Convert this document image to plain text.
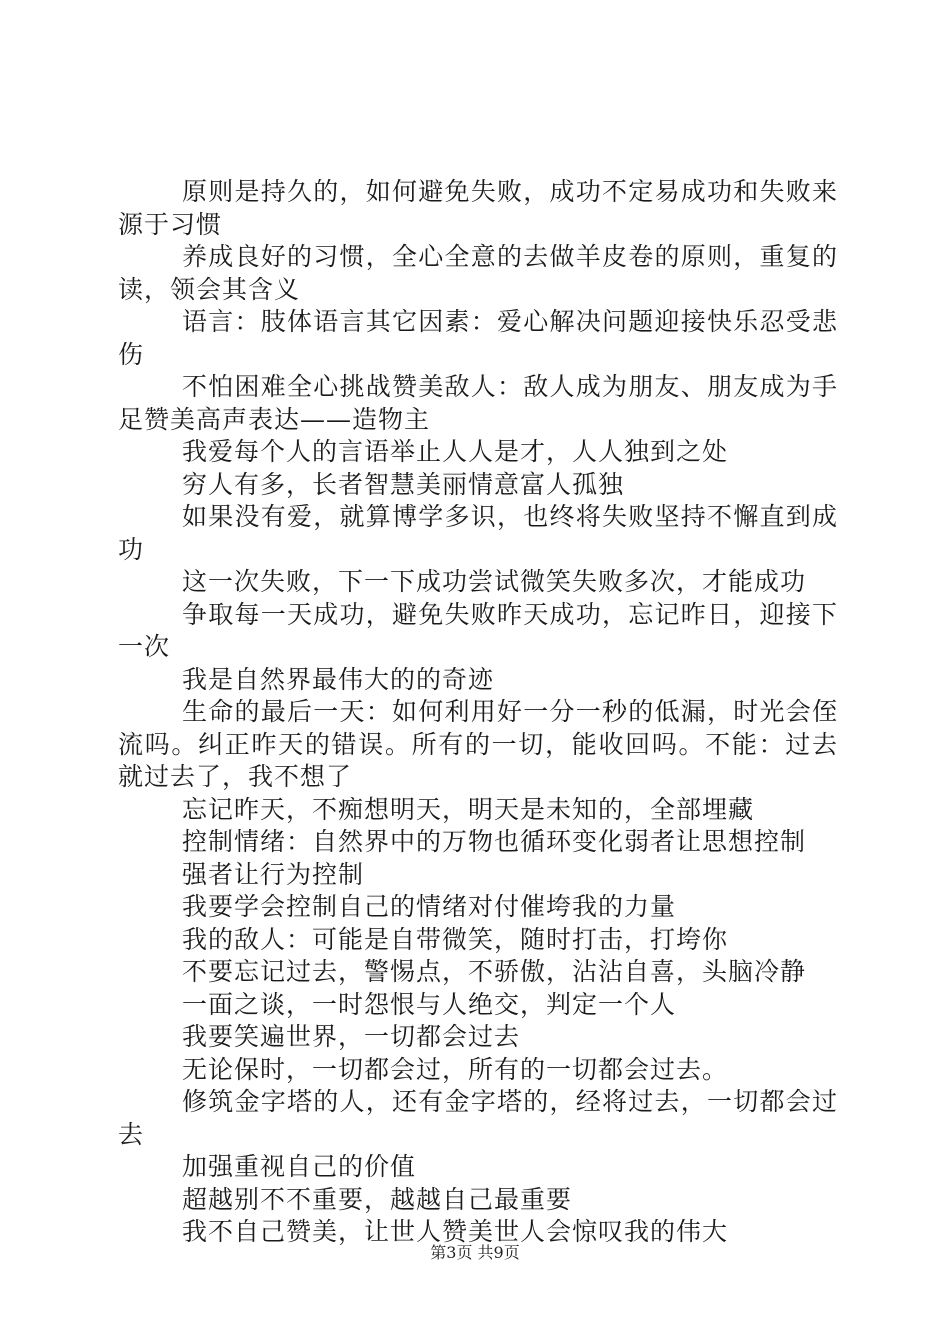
原则是持久的，如何避免失败，成功不定易成功和失败来源于习惯

养成良好的习惯，全心全意的去做羊皮卷的原则，重复的读，领会其含义

语言：肢体语言其它因素：爱心解决问题迎接快乐忍受悲伤

不怕困难全心挑战赞美敌人：敌人成为朋友、朋友成为手足赞美高声表达——造物主

我爱每个人的言语举止人人是才，人人独到之处

穷人有多，长者智慧美丽情意富人孤独

如果没有爱，就算博学多识，也终将失败坚持不懈直到成功

这一次失败，下一下成功尝试微笑失败多次，才能成功

争取每一天成功，避免失败昨天成功，忘记昨日，迎接下一次

我是自然界最伟大的的奇迹

生命的最后一天：如何利用好一分一秒的低漏，时光会侄流吗。纠正昨天的错误。所有的一切，能收回吗。不能：过去就过去了，我不想了

忘记昨天，不痴想明天，明天是未知的，全部埋藏

控制情绪：自然界中的万物也循环变化弱者让思想控制

强者让行为控制

我要学会控制自己的情绪对付催垮我的力量

我的敌人：可能是自带微笑，随时打击，打垮你

不要忘记过去，警惕点，不骄傲，沾沾自喜，头脑冷静

一面之谈，一时怨恨与人绝交，判定一个人

我要笑遍世界，一切都会过去

无论保时，一切都会过，所有的一切都会过去。

修筑金字塔的人，还有金字塔的，经将过去，一切都会过去

加强重视自己的价值

超越别不不重要，越越自己最重要

我不自己赞美，让世人赞美世人会惊叹我的伟大

第3页 共9页
